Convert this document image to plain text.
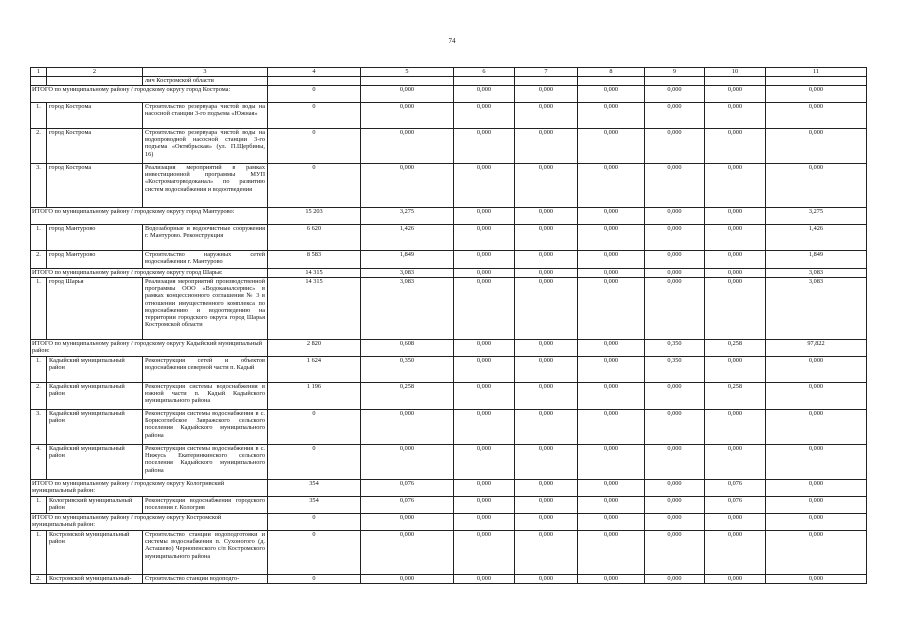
74
1	2	3	4	5	6	7	8	9	10	11
		лич Костромской области								
ИТОГО по муниципальному району / городскому округу город Кострома:			0	0,000	0,000	0,000	0,000	0,000	0,000	0,000
1.	город Кострома	Строительство резервуара чистой воды на насосной станции 3-го подъема «Южная»	0	0,000	0,000	0,000	0,000	0,000	0,000	0,000
2.	город Кострома	Строительство резервуара чистой воды на водопроводной насосной станции 3-го подъема «Октябрьская» (ул. П.Щербины, 16)	0	0,000	0,000	0,000	0,000	0,000	0,000	0,000
3.	город Кострома	Реализация мероприятий в рамках инвестиционной программы МУП «Костромагорводоканал» по развитию систем водоснабжения и водоотведения	0	0,000	0,000	0,000	0,000	0,000	0,000	0,000
ИТОГО по муниципальному району / городскому округу город Мантурово:			15 203	3,275	0,000	0,000	0,000	0,000	0,000	3,275
1.	город Мантурово	Водозаборные и водоочистные сооружения г. Мантурово. Реконструкция	6 620	1,426	0,000	0,000	0,000	0,000	0,000	1,426
2.	город Мантурово	Строительство наружных сетей водоснабжения г. Мантурово	8 583	1,849	0,000	0,000	0,000	0,000	0,000	1,849
ИТОГО по муниципальному району / городскому округу город Шарья:			14 315	3,083	0,000	0,000	0,000	0,000	0,000	3,083
1.	город Шарья	Реализация мероприятий производственной программы ООО «Водоканалсервис» в рамках концессионного соглашения № 3 в отношении имущественного комплекса по водоснабжению и водоотведению на территории городского округа город Шарья Костромской области	14 315	3,083	0,000	0,000	0,000	0,000	0,000	3,083
ИТОГО по муниципальному району / городскому округу Кадыйский муниципальный район:			2 820	0,608	0,000	0,000	0,000	0,350	0,258	97,822
1.	Кадыйский муниципальный район	Реконструкция сетей и объектов водоснабжения северной части п. Кадый	1 624	0,350	0,000	0,000	0,000	0,350	0,000	0,000
2.	Кадыйский муниципальный район	Реконструкция системы водоснабжения в южной части п. Кадый Кадыйского муниципального района	1 196	0,258	0,000	0,000	0,000	0,000	0,258	0,000
3.	Кадыйский муниципальный район	Реконструкция системы водоснабжения в с. Борисоглебское Завражского сельского поселения Кадыйского муниципального района	0	0,000	0,000	0,000	0,000	0,000	0,000	0,000
4.	Кадыйский муниципальный район	Реконструкция системы водоснабжения в с. Нижусь Екатеринкинского сельского поселения Кадыйского муниципального района	0	0,000	0,000	0,000	0,000	0,000	0,000	0,000
ИТОГО по муниципальному району / городскому округу Кологривский муниципальный район:			354	0,076	0,000	0,000	0,000	0,000	0,076	0,000
1.	Кологривский муниципальный район	Реконструкция водоснабжения городского поселения г. Кологрив	354	0,076	0,000	0,000	0,000	0,000	0,076	0,000
ИТОГО по муниципальному району / городскому округу Костромской муниципальный район:			0	0,000	0,000	0,000	0,000	0,000	0,000	0,000
1.	Костромской муниципальный район	Строительство станции водоподготовки и системы водоснабжения п. Сухоногого (д. Асташево) Чернопенского с/п Костромского муниципального района	0	0,000	0,000	0,000	0,000	0,000	0,000	0,000
2.	Костромской муниципальный-	Строительство станции водоподго-	0	0,000	0,000	0,000	0,000	0,000	0,000	0,000
